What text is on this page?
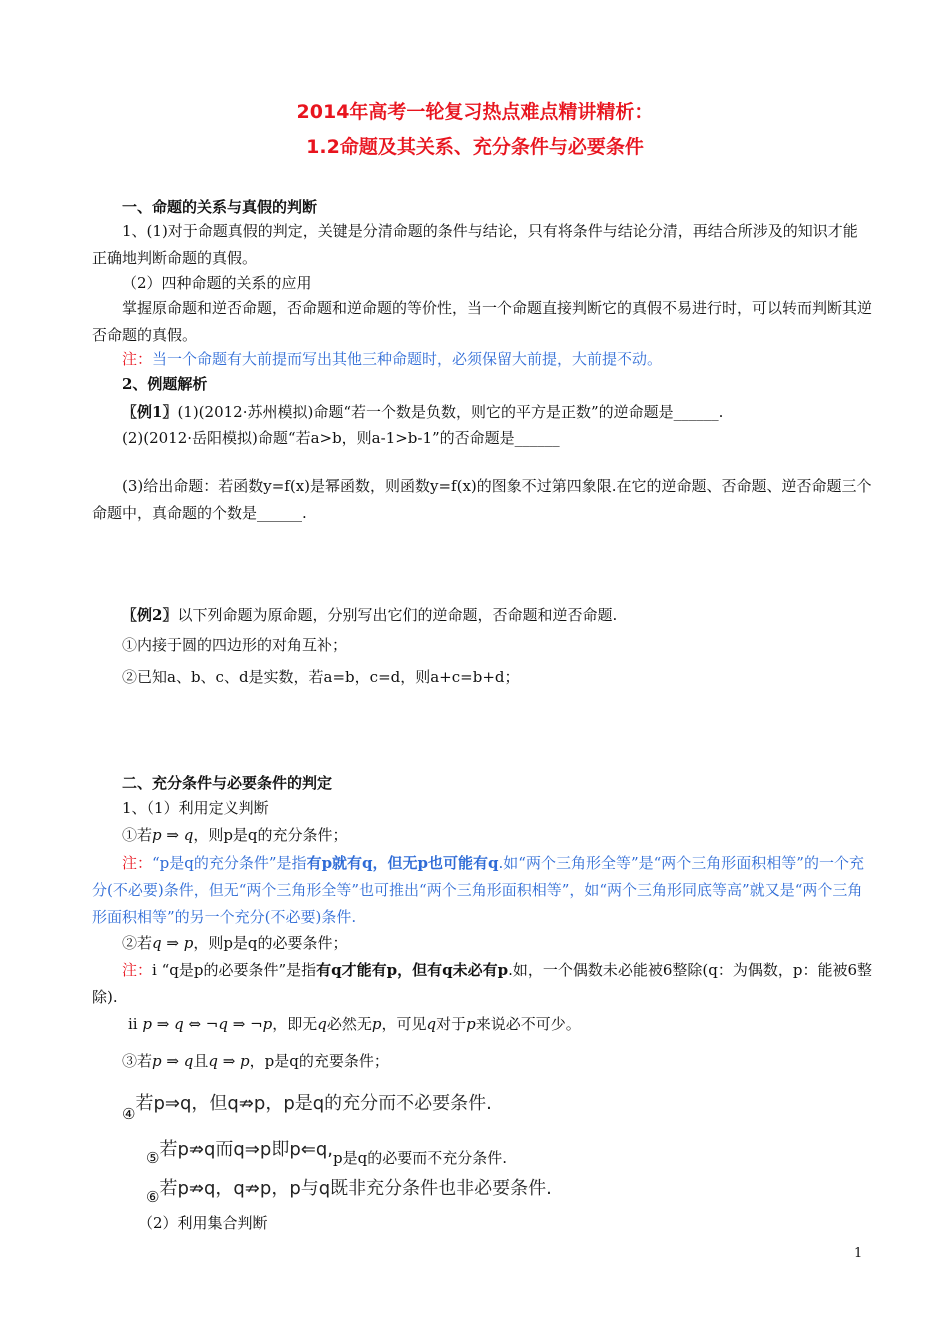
2014年高考一轮复习热点难点精讲精析：
1.2命题及其关系、充分条件与必要条件
一、命题的关系与真假的判断
1、(1)对于命题真假的判定，关键是分清命题的条件与结论，只有将条件与结论分清，再结合所涉及的知识才能正确地判断命题的真假。
（2）四种命题的关系的应用
掌握原命题和逆否命题，否命题和逆命题的等价性，当一个命题直接判断它的真假不易进行时，可以转而判断其逆否命题的真假。
注：当一个命题有大前提而写出其他三种命题时，必须保留大前提，大前提不动。
2、例题解析
〖例1〗(1)(2012·苏州模拟)命题“若一个数是负数，则它的平方是正数”的逆命题是______.
(2)(2012·岳阳模拟)命题“若a>b，则a-1>b-1”的否命题是______
(3)给出命题：若函数y=f(x)是幂函数，则函数y=f(x)的图象不过第四象限.在它的逆命题、否命题、逆否命题三个命题中，真命题的个数是______.
〖例2〗以下列命题为原命题，分别写出它们的逆命题，否命题和逆否命题.
①内接于圆的四边形的对角互补；
②已知a、b、c、d是实数，若a=b，c=d，则a+c=b+d；
二、充分条件与必要条件的判定
1、（1）利用定义判断
①若p ⇒ q，则p是q的充分条件；
注：“p是q的充分条件”是指有p就有q，但无p也可能有q.如“两个三角形全等”是“两个三角形面积相等”的一个充分(不必要)条件，但无“两个三角形全等”也可推出“两个三角形面积相等”，如“两个三角形同底等高”就又是“两个三角形面积相等”的另一个充分(不必要)条件.
②若q ⇒ p，则p是q的必要条件；
注：i “q是p的必要条件”是指有q才能有p，但有q未必有p.如，一个偶数未必能被6整除(q：为偶数，p：能被6整除).
ii p ⇒ q ⇔ ¬q ⇒ ¬p，即无q必然无p，可见q对于p来说必不可少。
③若p ⇒ q且q ⇒ p，p是q的充要条件；
④若p⇒q，但q⇏p，p是q的充分而不必要条件.
⑤若p⇏q而q⇒p即p⇐q,p是q的必要而不充分条件.
⑥若p⇏q，q⇏p，p与q既非充分条件也非必要条件.
（2）利用集合判断
1
